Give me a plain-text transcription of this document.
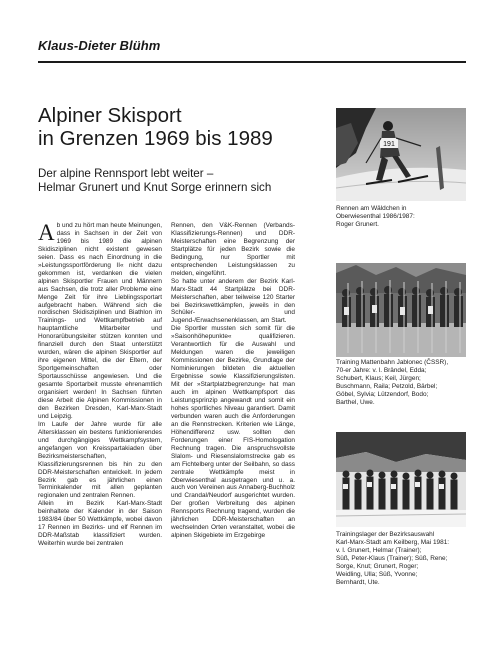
Klaus-Dieter Blühm
Alpiner Skisport
in Grenzen 1969 bis 1989
Der alpine Rennsport lebt weiter –
Helmar Grunert und Knut Sorge erinnern sich
A b und zu hört man heute Meinungen, dass in Sachsen in der Zeit von 1969 bis 1989 die alpinen Skidisziplinen nicht existent gewesen seien. Dass es nach Einordnung in die »Leistungssportförderung II« nicht dazu gekommen ist, verdanken die vielen alpinen Skisportler Frauen und Männern aus Sachsen, die trotz aller Probleme eine Menge Zeit für ihre Lieblingssportart aufgebracht haben. Während sich die nordischen Skidisziplinen und Biathlon im Trainings- und Wettkampfbetrieb auf hauptamtliche Mitarbeiter und Honorarübungsleiter stützen konnten und finanziell durch den Staat unterstützt wurden, wären die alpinen Skisportler auf ihre eigenen Mittel, die der Eltern, der Sportgemeinschaften oder Sportausschüsse angewiesen. Und die gesamte Sportarbeit musste ehrenamtlich organisiert werden! In Sachsen führten diese Arbeit die Alpinen Kommissionen in den Bezirken Dresden, Karl-Marx-Stadt und Leipzig.

Im Laufe der Jahre wurde für alle Altersklassen ein bestens funktionierendes und durchgängiges Wettkampfsystem, angefangen von Kreisspartakiaden über Bezirksmeisterschaften, Klassifizierungsrennen bis hin zu den DDR-Meisterschaften entwickelt. In jedem Bezirk gab es jährlichen einen Terminkalender mit allen geplanten regionalen und zentralen Rennen.

Allein im Bezirk Karl-Marx-Stadt beinhaltete der Kalender in der Saison 1983/84 über 50 Wettkämpfe, wobei davon 17 Rennen im Bezirks- und elf Rennen im DDR-Maßstab klassifiziert wurden. Weiterhin wurde bei zentralen

Rennen, den V&K-Rennen (Verbands-Klassifizierungs-Rennen) und DDR-Meisterschaften eine Begrenzung der Startplätze für jeden Bezirk sowie die Bedingung, nur Sportler mit entsprechenden Leistungsklassen zu melden, eingeführt.

So hatte unter anderem der Bezirk Karl-Marx-Stadt 44 Startplätze bei DDR-Meisterschaften, aber teilweise 120 Starter bei Bezirkswettkämpfen, jeweils in den Schüler- und Jugend-/Erwachsenenklassen, am Start.

Die Sportler mussten sich somit für die »Saisonhöhepunkte« qualifizieren. Verantwortlich für die Auswahl und Meldungen waren die jeweiligen Kommissionen der Bezirke, Grundlage der Nominierungen bildeten die aktuellen Ergebnisse sowie Klassifizierungslisten. Mit der »Startplatzbegrenzung« hat man auch im alpinen Wettkampfsport das Leistungsprinzip angewandt und somit ein hohes sportliches Niveau garantiert. Damit verbunden waren auch die Anforderungen an die Rennstrecken. Kriterien wie Länge, Höhendifferenz usw. sollten den Forderungen einer FIS-Homologation Rechnung tragen. Die anspruchsvollste Slalom- und Riesenslalomstrecke gab es am Fichtelberg unter der Seilbahn, so dass zentrale Wettkämpfe meist in Oberwiesenthal ausgetragen und u. a. auch von Vereinen aus Annaberg-Buchholz und Crandal/Neudorf ausgerichtet wurden. Der großen Verbreitung des alpinen Rennsports Rechnung tragend, wurden die jährlichen DDR-Meisterschaften an wechselnden Orten veranstaltet, wobei die alpinen Skigebiete im Erzgebirge

191
Rennen am Wäldchen in
Oberwiesenthal 1986/1987:
Roger Grunert.
Training Mattenbahn Jablonec (ČSSR),
70-er Jahre: v. l. Brändel, Edda;
Schubert, Klaus; Keil, Jürgen;
Buschmann, Raila; Petzold, Bärbel;
Göbel, Sylvia; Lützendorf, Bodo;
Barthel, Uwe.
Trainingslager der Bezirksauswahl
Karl-Marx-Stadt am Keilberg, Mai 1981:
v. l. Grunert, Helmar (Trainer);
Süß, Peter-Klaus (Trainer); Süß, Rene;
Sorge, Knut; Grunert, Roger;
Weidling, Ulla; Süß, Yvonne;
Bernhardt, Ute.
